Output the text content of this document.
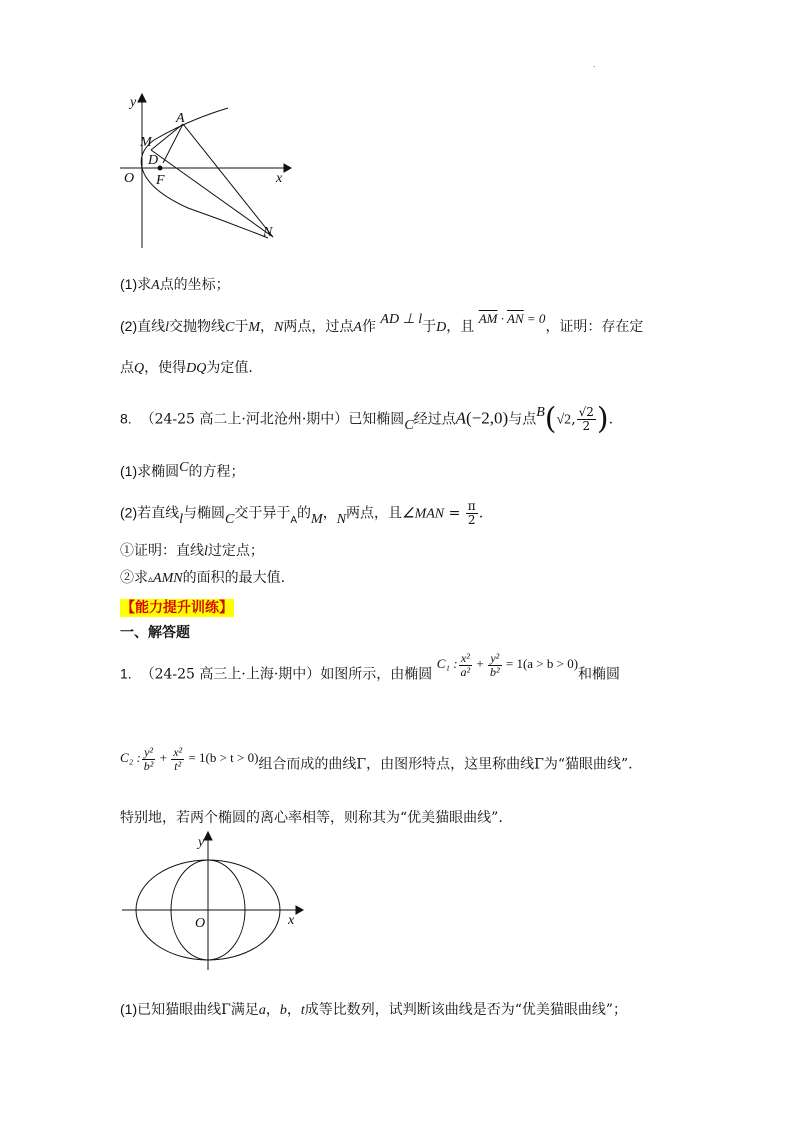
.
y
x
O
A
M
D
F
N
(1)求A点的坐标；
(2)直线l交抛物线C于M，N两点，过点A作 AD ⊥ l于D，且 $\overline{AM} \cdot \overline{AN} = 0$，证明：存在定
点Q，使得DQ为定值.
8. （24-25 高二上·河北沧州·期中）已知椭圆C经过点A(−2,0)与点B(√2, $\frac{√2}{2}$ ).
(1)求椭圆C的方程；
(2)若直线l与椭圆C交于异于$_A$的M，N两点，且∠MAN = $\frac{\pi}{2}$ .
①证明：直线l过定点；
②求▵AMN的面积的最大值.
【能力提升训练】
一、解答题
1. （24-25 高三上·上海·期中）如图所示，由椭圆 C₁ : $\frac{\text{x²}}{\text{a²}} + \frac{\text{y²}}{\text{b²}} = 1(a > b > 0)$和椭圆
C₂ : $\frac{\text{y²}}{\text{b²}} + \frac{\text{x²}}{\text{t²}} = 1(b > t > 0)$组合而成的曲线Γ，由图形特点，这里称曲线Γ为“猫眼曲线”.
特别地，若两个椭圆的离心率相等，则称其为“优美猫眼曲线”.
y
x
O
(1)已知猫眼曲线Γ满足a，b，t成等比数列，试判断该曲线是否为“优美猫眼曲线”；
